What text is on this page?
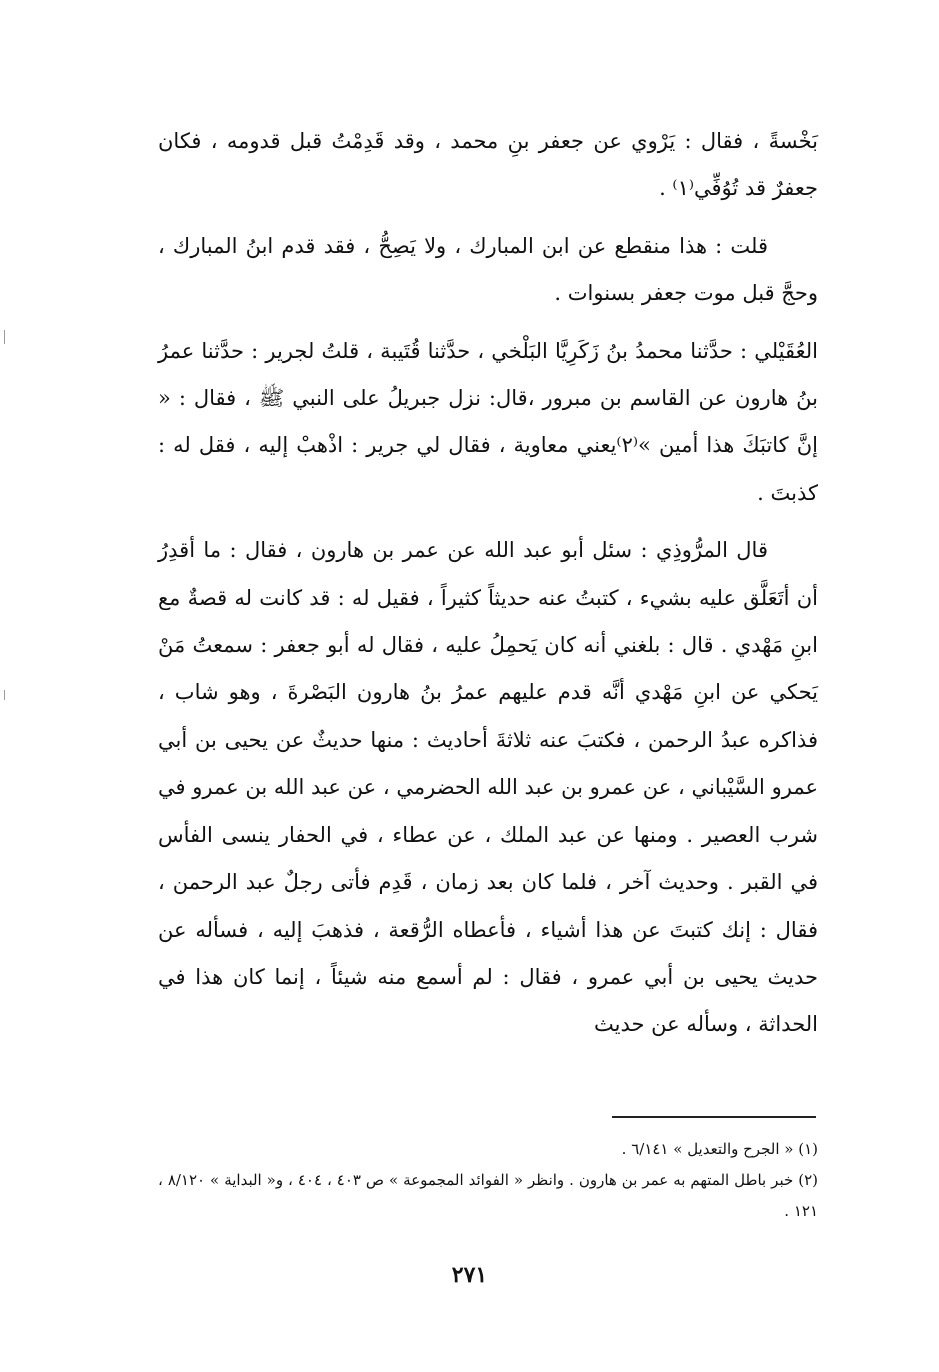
بَخْسةً ، فقال : يَرْوي عن جعفر بنِ محمد ، وقد قَدِمْتُ قبل قدومه ، فكان جعفرٌ قد تُوُفِّي⁽١⁾ .

قلت : هذا منقطع عن ابن المبارك ، ولا يَصِحُّ ، فقد قدم ابنُ المبارك ، وحجَّ قبل موت جعفر بسنوات .

العُقَيْلي : حدَّثنا محمدُ بنُ زَكَرِيَّا البَلْخي ، حدَّثنا قُتَيبة ، قلتُ لجرير : حدَّثنا عمرُ بنُ هارون عن القاسم بن مبرور ،قال: نزل جبريلُ على النبي ﷺ ، فقال : « إنَّ كاتبَكَ هذا أمين »⁽٢⁾يعني معاوية ، فقال لي جرير : اذْهبْ إليه ، فقل له : كذبتَ .

قال المرُّوذِي : سئل أبو عبد الله عن عمر بن هارون ، فقال : ما أقدِرُ أن أتَعَلَّق عليه بشيء ، كتبتُ عنه حديثاً كثيراً ، فقيل له : قد كانت له قصةٌ مع ابنِ مَهْدي . قال : بلغني أنه كان يَحمِلُ عليه ، فقال له أبو جعفر : سمعتُ مَنْ يَحكي عن ابنِ مَهْدي أنَّه قدم عليهم عمرُ بنُ هارون البَصْرةَ ، وهو شاب ، فذاكره عبدُ الرحمن ، فكتبَ عنه ثلاثةَ أحاديث : منها حديثٌ عن يحيى بن أبي عمرو السَّيْباني ، عن عمرو بن عبد الله الحضرمي ، عن عبد الله بن عمرو في شرب العصير . ومنها عن عبد الملك ، عن عطاء ، في الحفار ينسى الفأس في القبر . وحديث آخر ، فلما كان بعد زمان ، قَدِم فأتى رجلٌ عبد الرحمن ، فقال : إنك كتبتَ عن هذا أشياء ، فأعطاه الرُّقعة ، فذهبَ إليه ، فسأله عن حديث يحيى بن أبي عمرو ، فقال : لم أسمع منه شيئاً ، إنما كان هذا في الحداثة ، وسأله عن حديث

(١) « الجرح والتعديل » ٦/١٤١ .

(٢) خبر باطل المتهم به عمر بن هارون . وانظر « الفوائد المجموعة » ص ٤٠٣ ، ٤٠٤ ، و« البداية » ٨/١٢٠ ، ١٢١ .

٢٧١
